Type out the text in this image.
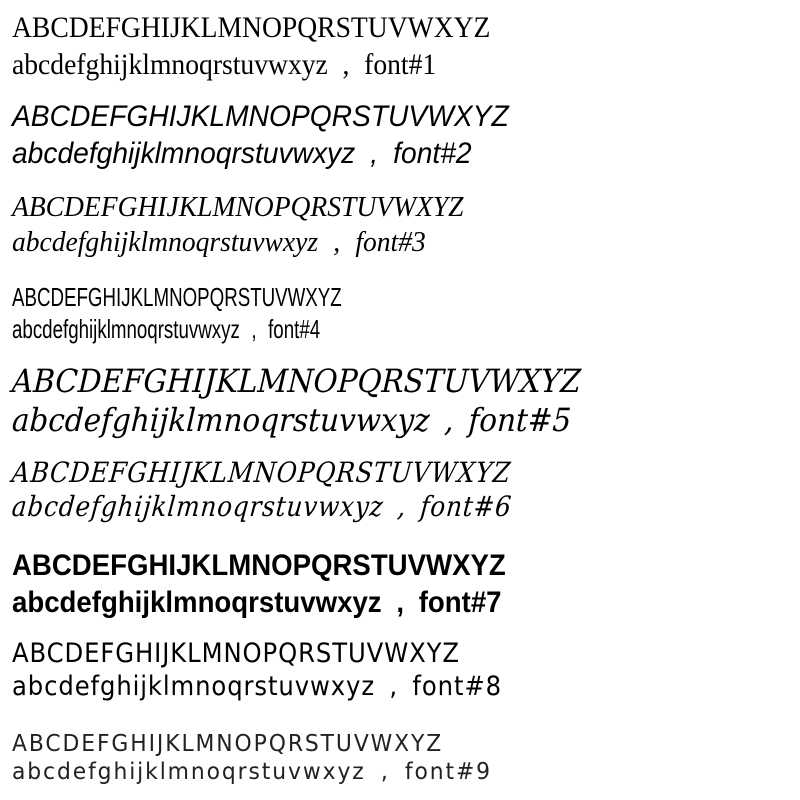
ABCDEFGHIJKLMNOPQRSTUVWXYZ
abcdefghijklmnoqrstuvwxyz , font#1
ABCDEFGHIJKLMNOPQRSTUVWXYZ
abcdefghijklmnoqrstuvwxyz , font#2
ABCDEFGHIJKLMNOPQRSTUVWXYZ
abcdefghijklmnoqrstuvwxyz , font#3
ABCDEFGHIJKLMNOPQRSTUVWXYZ
abcdefghijklmnoqrstuvwxyz , font#4
ABCDEFGHIJKLMNOPQRSTUVWXYZ
abcdefghijklmnoqrstuvwxyz , font#5
ABCDEFGHIJKLMNOPQRSTUVWXYZ
abcdefghijklmnoqrstuvwxyz , font#6
ABCDEFGHIJKLMNOPQRSTUVWXYZ
abcdefghijklmnoqrstuvwxyz , font#7
ABCDEFGHIJKLMNOPQRSTUVWXYZ
abcdefghijklmnoqrstuvwxyz , font#8
ABCDEFGHIJKLMNOPQRSTUVWXYZ
abcdefghijklmnoqrstuvwxyz , font#9
